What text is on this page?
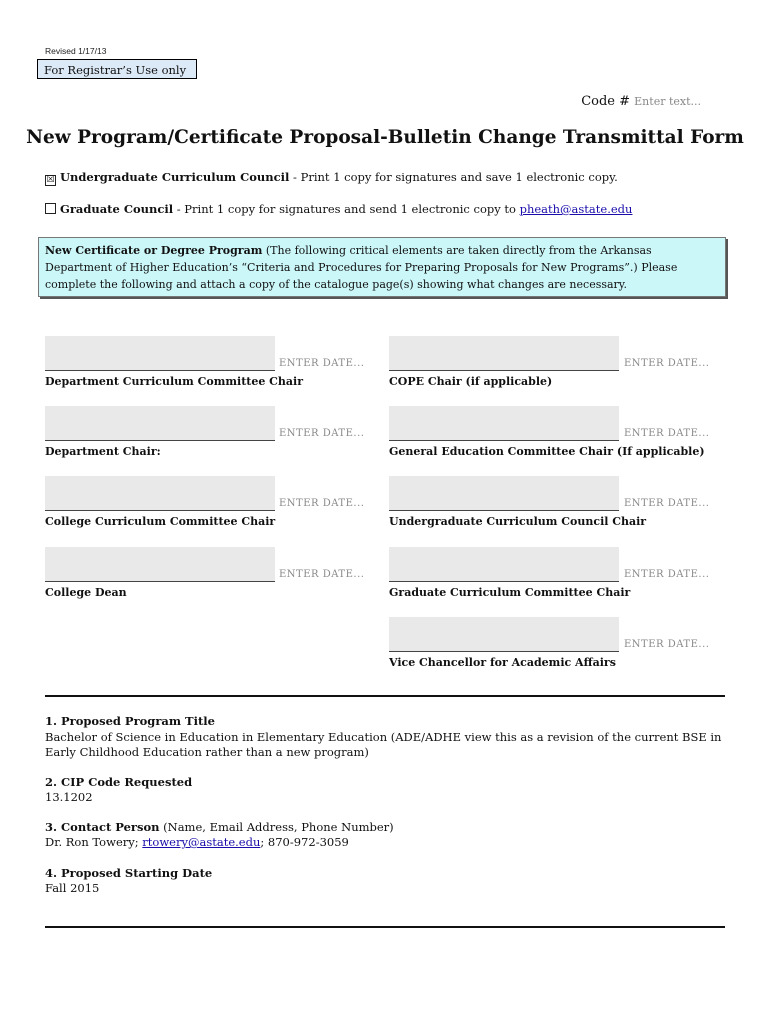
Revised 1/17/13
For Registrar’s Use only
Code # Enter text...
New Program/Certificate Proposal-Bulletin Change Transmittal Form
☒ Undergraduate Curriculum Council - Print 1 copy for signatures and save 1 electronic copy.
Graduate Council - Print 1 copy for signatures and send 1 electronic copy to pheath@astate.edu
New Certificate or Degree Program (The following critical elements are taken directly from the Arkansas Department of Higher Education’s “Criteria and Procedures for Preparing Proposals for New Programs”.) Please complete the following and attach a copy of the catalogue page(s) showing what changes are necessary.
ENTER DATE...
Department Curriculum Committee Chair
ENTER DATE...
Department Chair:
ENTER DATE...
College Curriculum Committee Chair
ENTER DATE...
College Dean
ENTER DATE...
COPE Chair (if applicable)
ENTER DATE...
General Education Committee Chair (If applicable)
ENTER DATE...
Undergraduate Curriculum Council Chair
ENTER DATE...
Graduate Curriculum Committee Chair
ENTER DATE...
Vice Chancellor for Academic Affairs
1. Proposed Program Title
Bachelor of Science in Education in Elementary Education (ADE/ADHE view this as a revision of the current BSE in Early Childhood Education rather than a new program)
2. CIP Code Requested
13.1202
3. Contact Person (Name, Email Address, Phone Number)
Dr. Ron Towery; rtowery@astate.edu; 870-972-3059
4. Proposed Starting Date
Fall 2015
